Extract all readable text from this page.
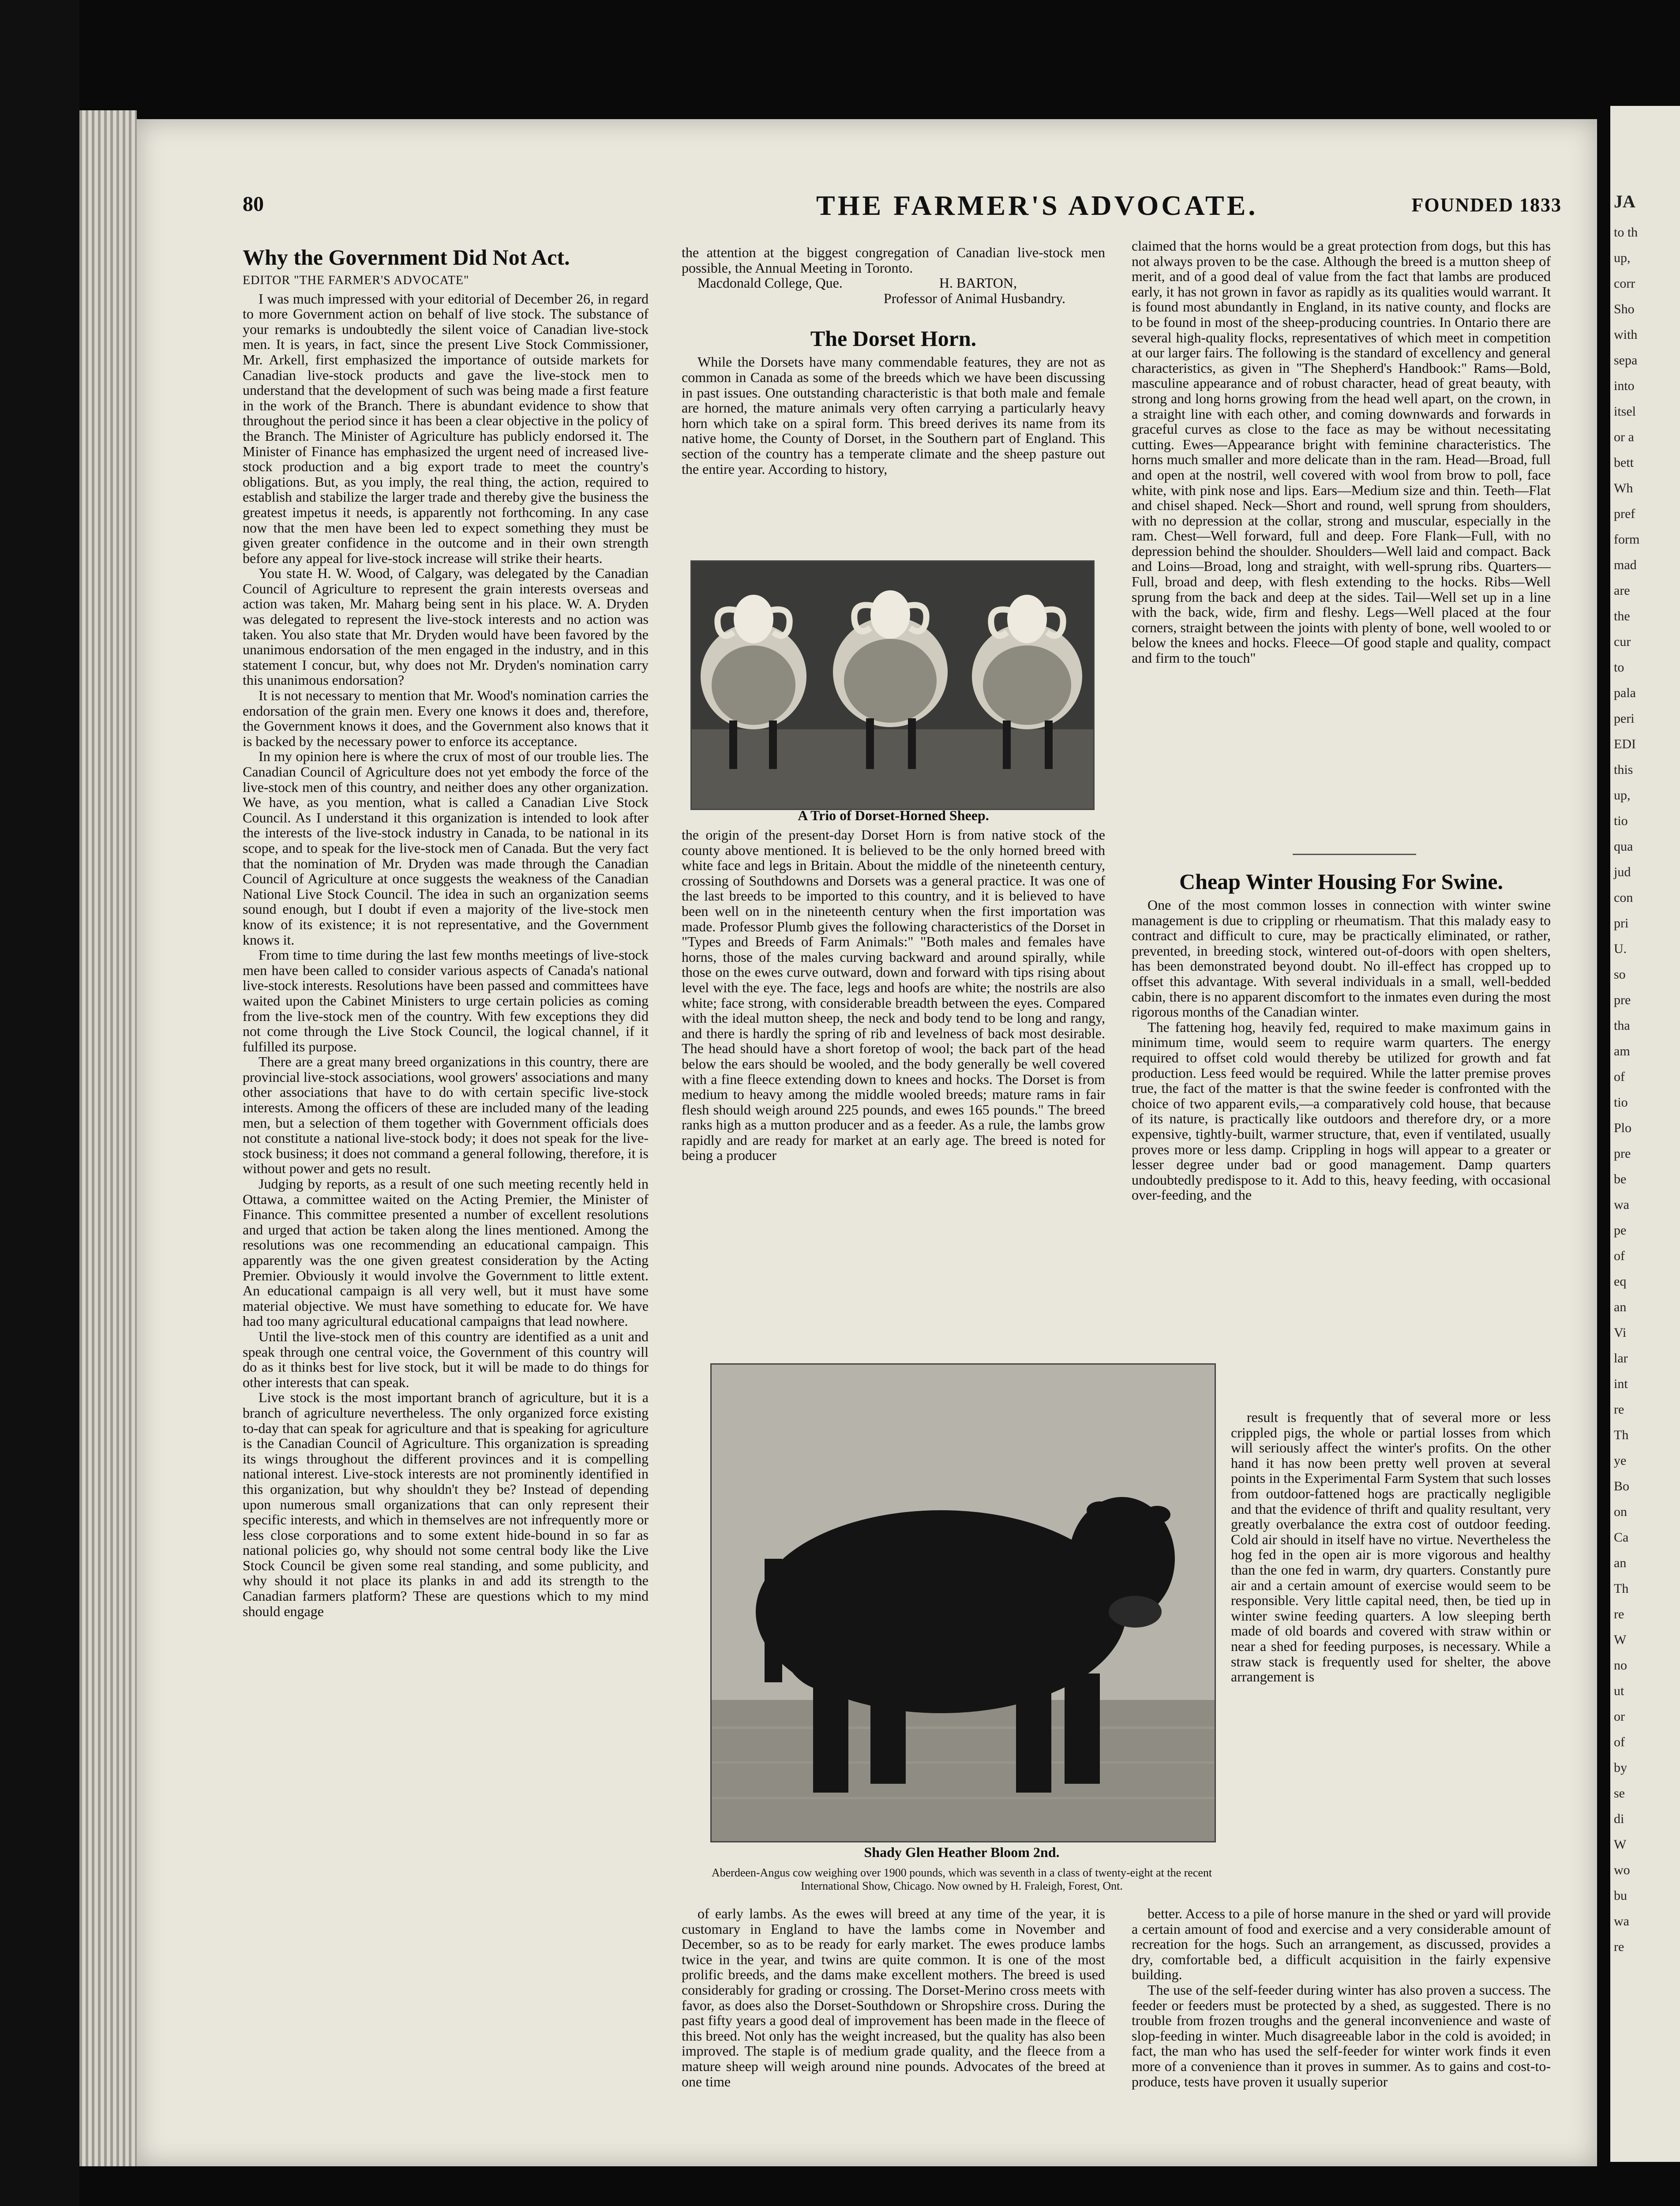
JA
to th
up,
corr
Sho
with
sepa
into
itsel
or a
bett
Wh
pref
form
mad
are
the
cur
to
pala
peri
EDI
this
up,
tio
qua
jud
con
pri
U.
so
pre
tha
am
of
tio
Plo
pre
be
wa
pe
of
eq
an
Vi
lar
int
re
Th
ye
Bo
on
Ca
an
Th
re
W
no
ut
or
of
by
se
di
W
wo
bu
wa
re
80	THE FARMER'S ADVOCATE.	FOUNDED 1833
Why the Government Did Not Act.
EDITOR "THE FARMER'S ADVOCATE"

I was much impressed with your editorial of December 26, in regard to more Government action on behalf of live stock. The substance of your remarks is undoubtedly the silent voice of Canadian live-stock men. It is years, in fact, since the present Live Stock Commissioner, Mr. Arkell, first emphasized the importance of outside markets for Canadian live-stock products and gave the live-stock men to understand that the development of such was being made a first feature in the work of the Branch. There is abundant evidence to show that throughout the period since it has been a clear objective in the policy of the Branch. The Minister of Agriculture has publicly endorsed it. The Minister of Finance has emphasized the urgent need of increased live-stock production and a big export trade to meet the country's obligations. But, as you imply, the real thing, the action, required to establish and stabilize the larger trade and thereby give the business the greatest impetus it needs, is apparently not forthcoming. In any case now that the men have been led to expect something they must be given greater confidence in the outcome and in their own strength before any appeal for live-stock increase will strike their hearts.

You state H. W. Wood, of Calgary, was delegated by the Canadian Council of Agriculture to represent the grain interests overseas and action was taken, Mr. Maharg being sent in his place. W. A. Dryden was delegated to represent the live-stock interests and no action was taken. You also state that Mr. Dryden would have been favored by the unanimous endorsation of the men engaged in the industry, and in this statement I concur, but, why does not Mr. Dryden's nomination carry this unanimous endorsation?

It is not necessary to mention that Mr. Wood's nomination carries the endorsation of the grain men. Every one knows it does and, therefore, the Government knows it does, and the Government also knows that it is backed by the necessary power to enforce its acceptance.

In my opinion here is where the crux of most of our trouble lies. The Canadian Council of Agriculture does not yet embody the force of the live-stock men of this country, and neither does any other organization. We have, as you mention, what is called a Canadian Live Stock Council. As I understand it this organization is intended to look after the interests of the live-stock industry in Canada, to be national in its scope, and to speak for the live-stock men of Canada. But the very fact that the nomination of Mr. Dryden was made through the Canadian Council of Agriculture at once suggests the weakness of the Canadian National Live Stock Council. The idea in such an organization seems sound enough, but I doubt if even a majority of the live-stock men know of its existence; it is not representative, and the Government knows it.

From time to time during the last few months meetings of live-stock men have been called to consider various aspects of Canada's national live-stock interests. Resolutions have been passed and committees have waited upon the Cabinet Ministers to urge certain policies as coming from the live-stock men of the country. With few exceptions they did not come through the Live Stock Council, the logical channel, if it fulfilled its purpose.

There are a great many breed organizations in this country, there are provincial live-stock associations, wool growers' associations and many other associations that have to do with certain specific live-stock interests. Among the officers of these are included many of the leading men, but a selection of them together with Government officials does not constitute a national live-stock body; it does not speak for the live-stock business; it does not command a general following, therefore, it is without power and gets no result.

Judging by reports, as a result of one such meeting recently held in Ottawa, a committee waited on the Acting Premier, the Minister of Finance. This committee presented a number of excellent resolutions and urged that action be taken along the lines mentioned. Among the resolutions was one recommending an educational campaign. This apparently was the one given greatest consideration by the Acting Premier. Obviously it would involve the Government to little extent. An educational campaign is all very well, but it must have some material objective. We must have something to educate for. We have had too many agricultural educational campaigns that lead nowhere.

Until the live-stock men of this country are identified as a unit and speak through one central voice, the Government of this country will do as it thinks best for live stock, but it will be made to do things for other interests that can speak.

Live stock is the most important branch of agriculture, but it is a branch of agriculture nevertheless. The only organized force existing to-day that can speak for agriculture and that is speaking for agriculture is the Canadian Council of Agriculture. This organization is spreading its wings throughout the different provinces and it is compelling national interest. Live-stock interests are not prominently identified in this organization, but why shouldn't they be? Instead of depending upon numerous small organizations that can only represent their specific interests, and which in themselves are not infrequently more or less close corporations and to some extent hide-bound in so far as national policies go, why should not some central body like the Live Stock Council be given some real standing, and some publicity, and why should it not place its planks in and add its strength to the Canadian farmers platform? These are questions which to my mind should engage

the attention at the biggest congregation of Canadian live-stock men possible, the Annual Meeting in Toronto.

Macdonald College, Que.	H. BARTON,
Professor of Animal Husbandry.
The Dorset Horn.

While the Dorsets have many commendable features, they are not as common in Canada as some of the breeds which we have been discussing in past issues. One outstanding characteristic is that both male and female are horned, the mature animals very often carrying a particularly heavy horn which take on a spiral form. This breed derives its name from its native home, the County of Dorset, in the Southern part of England. This section of the country has a temperate climate and the sheep pasture out the entire year. According to history,

A Trio of Dorset-Horned Sheep.

the origin of the present-day Dorset Horn is from native stock of the county above mentioned. It is believed to be the only horned breed with white face and legs in Britain. About the middle of the nineteenth century, crossing of Southdowns and Dorsets was a general practice. It was one of the last breeds to be imported to this country, and it is believed to have been well on in the nineteenth century when the first importation was made. Professor Plumb gives the following characteristics of the Dorset in "Types and Breeds of Farm Animals:" "Both males and females have horns, those of the males curving backward and around spirally, while those on the ewes curve outward, down and forward with tips rising about level with the eye. The face, legs and hoofs are white; the nostrils are also white; face strong, with considerable breadth between the eyes. Compared with the ideal mutton sheep, the neck and body tend to be long and rangy, and there is hardly the spring of rib and levelness of back most desirable. The head should have a short foretop of wool; the back part of the head below the ears should be wooled, and the body generally be well covered with a fine fleece extending down to knees and hocks. The Dorset is from medium to heavy among the middle wooled breeds; mature rams in fair flesh should weigh around 225 pounds, and ewes 165 pounds." The breed ranks high as a mutton producer and as a feeder. As a rule, the lambs grow rapidly and are ready for market at an early age. The breed is noted for being a producer

claimed that the horns would be a great protection from dogs, but this has not always proven to be the case. Although the breed is a mutton sheep of merit, and of a good deal of value from the fact that lambs are produced early, it has not grown in favor as rapidly as its qualities would warrant. It is found most abundantly in England, in its native county, and flocks are to be found in most of the sheep-producing countries. In Ontario there are several high-quality flocks, representatives of which meet in competition at our larger fairs. The following is the standard of excellency and general characteristics, as given in "The Shepherd's Handbook:" Rams—Bold, masculine appearance and of robust character, head of great beauty, with strong and long horns growing from the head well apart, on the crown, in a straight line with each other, and coming downwards and forwards in graceful curves as close to the face as may be without necessitating cutting. Ewes—Appearance bright with feminine characteristics. The horns much smaller and more delicate than in the ram. Head—Broad, full and open at the nostril, well covered with wool from brow to poll, face white, with pink nose and lips. Ears—Medium size and thin. Teeth—Flat and chisel shaped. Neck—Short and round, well sprung from shoulders, with no depression at the collar, strong and muscular, especially in the ram. Chest—Well forward, full and deep. Fore Flank—Full, with no depression behind the shoulder. Shoulders—Well laid and compact. Back and Loins—Broad, long and straight, with well-sprung ribs. Quarters—Full, broad and deep, with flesh extending to the hocks. Ribs—Well sprung from the back and deep at the sides. Tail—Well set up in a line with the back, wide, firm and fleshy. Legs—Well placed at the four corners, straight between the joints with plenty of bone, well wooled to or below the knees and hocks. Fleece—Of good staple and quality, compact and firm to the touch"

Cheap Winter Housing For Swine.

One of the most common losses in connection with winter swine management is due to crippling or rheumatism. That this malady easy to contract and difficult to cure, may be practically eliminated, or rather, prevented, in breeding stock, wintered out-of-doors with open shelters, has been demonstrated beyond doubt. No ill-effect has cropped up to offset this advantage. With several individuals in a small, well-bedded cabin, there is no apparent discomfort to the inmates even during the most rigorous months of the Canadian winter.

The fattening hog, heavily fed, required to make maximum gains in minimum time, would seem to require warm quarters. The energy required to offset cold would thereby be utilized for growth and fat production. Less feed would be required. While the latter premise proves true, the fact of the matter is that the swine feeder is confronted with the choice of two apparent evils,—a comparatively cold house, that because of its nature, is practically like outdoors and therefore dry, or a more expensive, tightly-built, warmer structure, that, even if ventilated, usually proves more or less damp. Crippling in hogs will appear to a greater or lesser degree under bad or good management. Damp quarters undoubtedly predispose to it. Add to this, heavy feeding, with occasional over-feeding, and the

Shady Glen Heather Bloom 2nd.
Aberdeen-Angus cow weighing over 1900 pounds, which was seventh in a class of twenty-eight at the recent International Show, Chicago. Now owned by H. Fraleigh, Forest, Ont.

result is frequently that of several more or less crippled pigs, the whole or partial losses from which will seriously affect the winter's profits. On the other hand it has now been pretty well proven at several points in the Experimental Farm System that such losses from outdoor-fattened hogs are practically negligible and that the evidence of thrift and quality resultant, very greatly overbalance the extra cost of outdoor feeding. Cold air should in itself have no virtue. Nevertheless the hog fed in the open air is more vigorous and healthy than the one fed in warm, dry quarters. Constantly pure air and a certain amount of exercise would seem to be responsible. Very little capital need, then, be tied up in winter swine feeding quarters. A low sleeping berth made of old boards and covered with straw within or near a shed for feeding purposes, is necessary. While a straw stack is frequently used for shelter, the above arrangement is

of early lambs. As the ewes will breed at any time of the year, it is customary in England to have the lambs come in November and December, so as to be ready for early market. The ewes produce lambs twice in the year, and twins are quite common. It is one of the most prolific breeds, and the dams make excellent mothers. The breed is used considerably for grading or crossing. The Dorset-Merino cross meets with favor, as does also the Dorset-Southdown or Shropshire cross. During the past fifty years a good deal of improvement has been made in the fleece of this breed. Not only has the weight increased, but the quality has also been improved. The staple is of medium grade quality, and the fleece from a mature sheep will weigh around nine pounds. Advocates of the breed at one time

better. Access to a pile of horse manure in the shed or yard will provide a certain amount of food and exercise and a very considerable amount of recreation for the hogs. Such an arrangement, as discussed, provides a dry, comfortable bed, a difficult acquisition in the fairly expensive building.

The use of the self-feeder during winter has also proven a success. The feeder or feeders must be protected by a shed, as suggested. There is no trouble from frozen troughs and the general inconvenience and waste of slop-feeding in winter. Much disagreeable labor in the cold is avoided; in fact, the man who has used the self-feeder for winter work finds it even more of a convenience than it proves in summer. As to gains and cost-to-produce, tests have proven it usually superior
